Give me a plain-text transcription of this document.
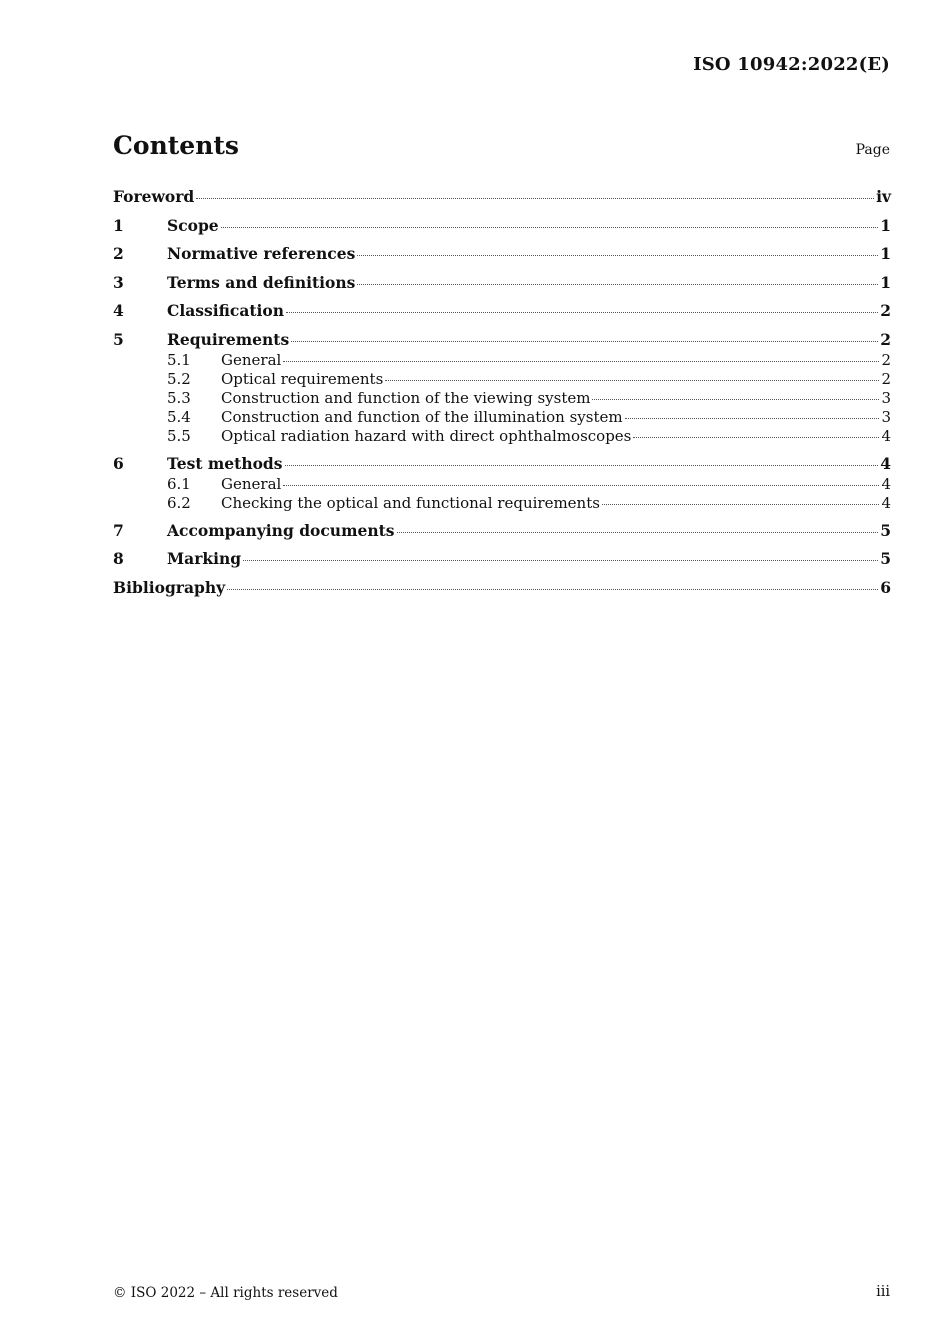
ISO 10942:2022(E)
Contents	Page
Foreword	iv
1	Scope	1
2	Normative references	1
3	Terms and definitions	1
4	Classification	2
5	Requirements	2
5.1	General	2
5.2	Optical requirements	2
5.3	Construction and function of the viewing system	3
5.4	Construction and function of the illumination system	3
5.5	Optical radiation hazard with direct ophthalmoscopes	4
6	Test methods	4
6.1	General	4
6.2	Checking the optical and functional requirements	4
7	Accompanying documents	5
8	Marking	5
Bibliography	6
© ISO 2022 – All rights reserved	iii
